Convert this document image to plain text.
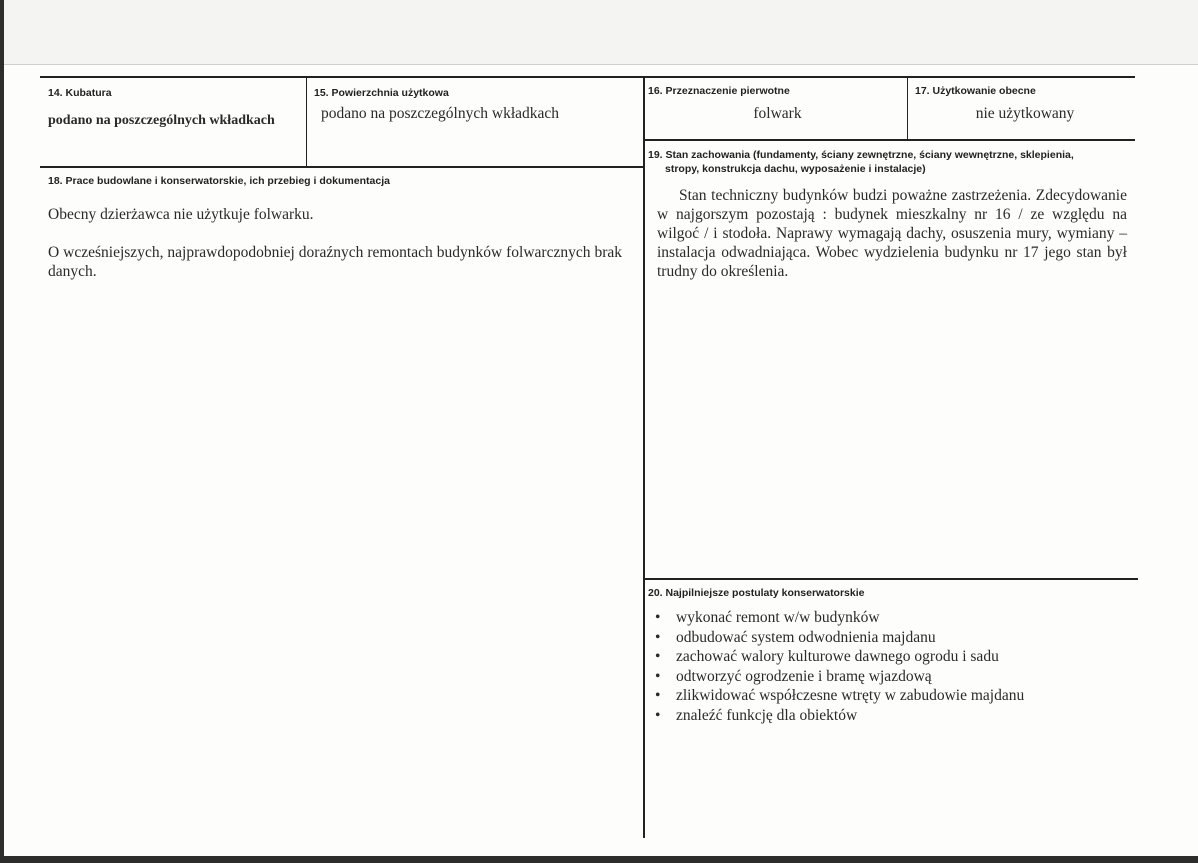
14. Kubatura
podano na poszczególnych wkładkach
15. Powierzchnia użytkowa
podano na poszczególnych wkładkach
16. Przeznaczenie pierwotne
folwark
17. Użytkowanie obecne
nie użytkowany
18. Prace budowlane i konserwatorskie, ich przebieg i dokumentacja
Obecny dzierżawca nie użytkuje folwarku.
O wcześniejszych, najprawdopodobniej doraźnych remontach budynków folwarcznych brak danych.
19. Stan zachowania (fundamenty, ściany zewnętrzne, ściany wewnętrzne, sklepienia,
stropy, konstrukcja dachu, wyposażenie i instalacje)
Stan techniczny budynków budzi poważne zastrzeżenia. Zdecydowanie w najgorszym pozostają : budynek mieszkalny nr 16 / ze względu na wilgoć / i stodoła. Naprawy wymagają dachy, osuszenia mury, wymiany – instalacja odwadniająca. Wobec wydzielenia budynku nr 17 jego stan był trudny do określenia.
20. Najpilniejsze postulaty konserwatorskie
• wykonać remont w/w budynków
• odbudować system odwodnienia majdanu
• zachować walory kulturowe dawnego ogrodu i sadu
• odtworzyć ogrodzenie i bramę wjazdową
• zlikwidować współczesne wtręty w zabudowie majdanu
• znaleźć funkcję dla obiektów
